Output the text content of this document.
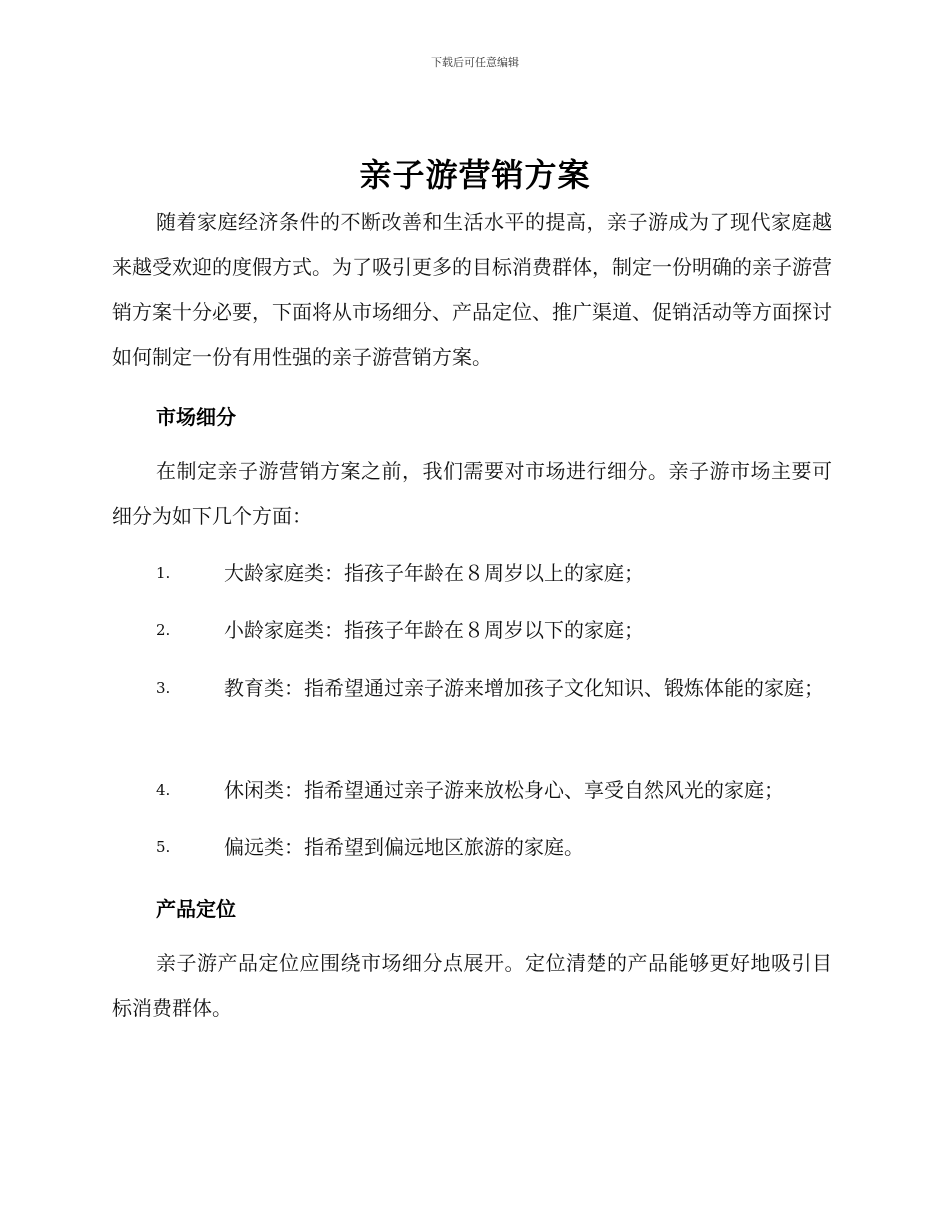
下载后可任意编辑
亲子游营销方案
随着家庭经济条件的不断改善和生活水平的提高，亲子游成为了现代家庭越来越受欢迎的度假方式。为了吸引更多的目标消费群体，制定一份明确的亲子游营销方案十分必要，下面将从市场细分、产品定位、推广渠道、促销活动等方面探讨如何制定一份有用性强的亲子游营销方案。
市场细分
在制定亲子游营销方案之前，我们需要对市场进行细分。亲子游市场主要可细分为如下几个方面：
1.	大龄家庭类：指孩子年龄在８周岁以上的家庭；
2.	小龄家庭类：指孩子年龄在８周岁以下的家庭；
3.	教育类：指希望通过亲子游来增加孩子文化知识、锻炼体能的家庭；
4.	休闲类：指希望通过亲子游来放松身心、享受自然风光的家庭；
5.	偏远类：指希望到偏远地区旅游的家庭。
产品定位
亲子游产品定位应围绕市场细分点展开。定位清楚的产品能够更好地吸引目标消费群体。
